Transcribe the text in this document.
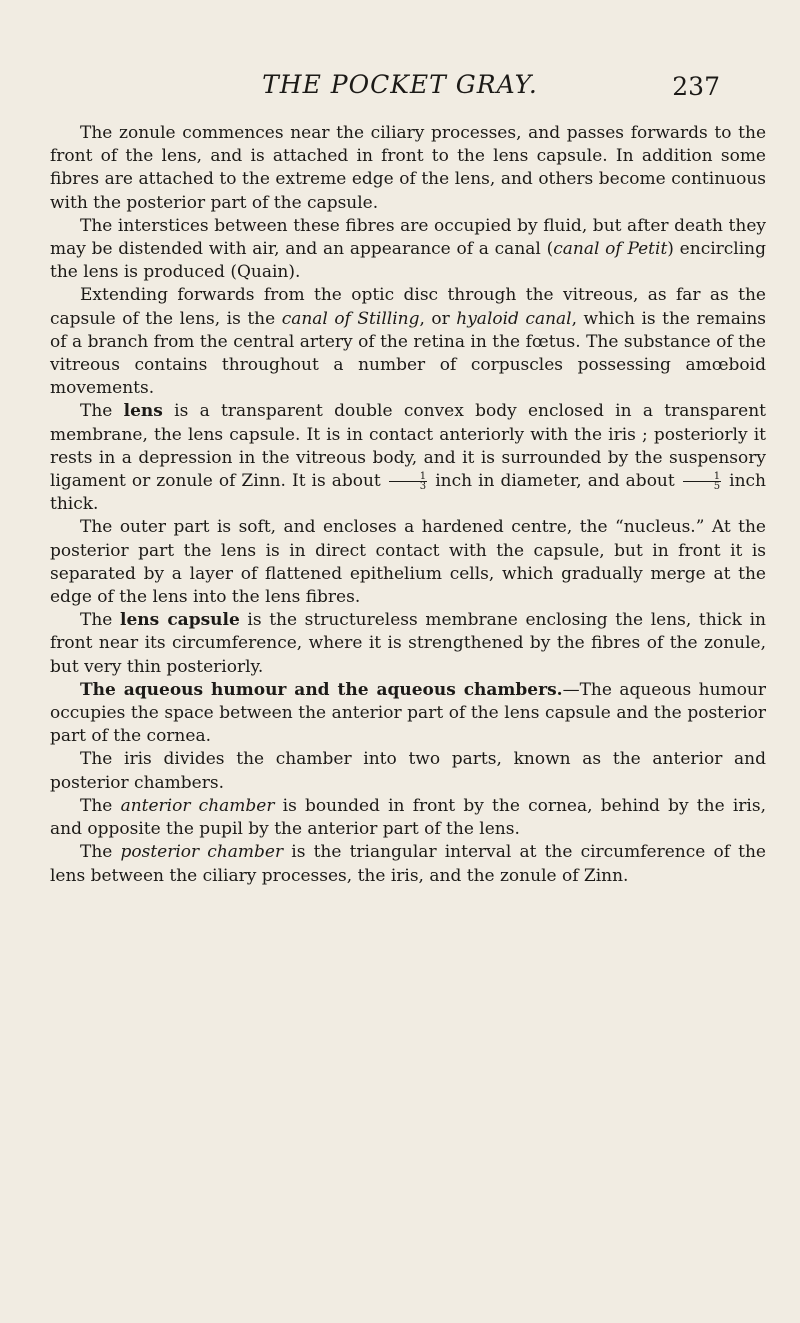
THE POCKET GRAY.	237

The zonule commences near the ciliary processes, and passes forwards to the front of the lens, and is attached in front to the lens capsule. In addition some fibres are attached to the extreme edge of the lens, and others become continuous with the posterior part of the capsule.

The interstices between these fibres are occupied by fluid, but after death they may be distended with air, and an appearance of a canal (canal of Petit) encircling the lens is produced (Quain).

Extending forwards from the optic disc through the vitreous, as far as the capsule of the lens, is the canal of Stilling, or hyaloid canal, which is the remains of a branch from the central artery of the retina in the fœtus. The substance of the vitreous contains throughout a number of corpuscles possessing amœboid movements.

The lens is a transparent double convex body enclosed in a transparent membrane, the lens capsule. It is in contact anteriorly with the iris ; posteriorly it rests in a depression in the vitreous body, and it is surrounded by the suspensory ligament or zonule of Zinn. It is about $\frac{1}{3}$ inch in diameter, and about $\frac{1}{5}$ inch thick.

The outer part is soft, and encloses a hardened centre, the “nucleus.” At the posterior part the lens is in direct contact with the capsule, but in front it is separated by a layer of flattened epithelium cells, which gradually merge at the edge of the lens into the lens fibres.

The lens capsule is the structureless membrane enclosing the lens, thick in front near its circumference, where it is strengthened by the fibres of the zonule, but very thin posteriorly.

The aqueous humour and the aqueous chambers.—The aqueous humour occupies the space between the anterior part of the lens capsule and the posterior part of the cornea.

The iris divides the chamber into two parts, known as the anterior and posterior chambers.

The anterior chamber is bounded in front by the cornea, behind by the iris, and opposite the pupil by the anterior part of the lens.

The posterior chamber is the triangular interval at the circumference of the lens between the ciliary processes, the iris, and the zonule of Zinn.
